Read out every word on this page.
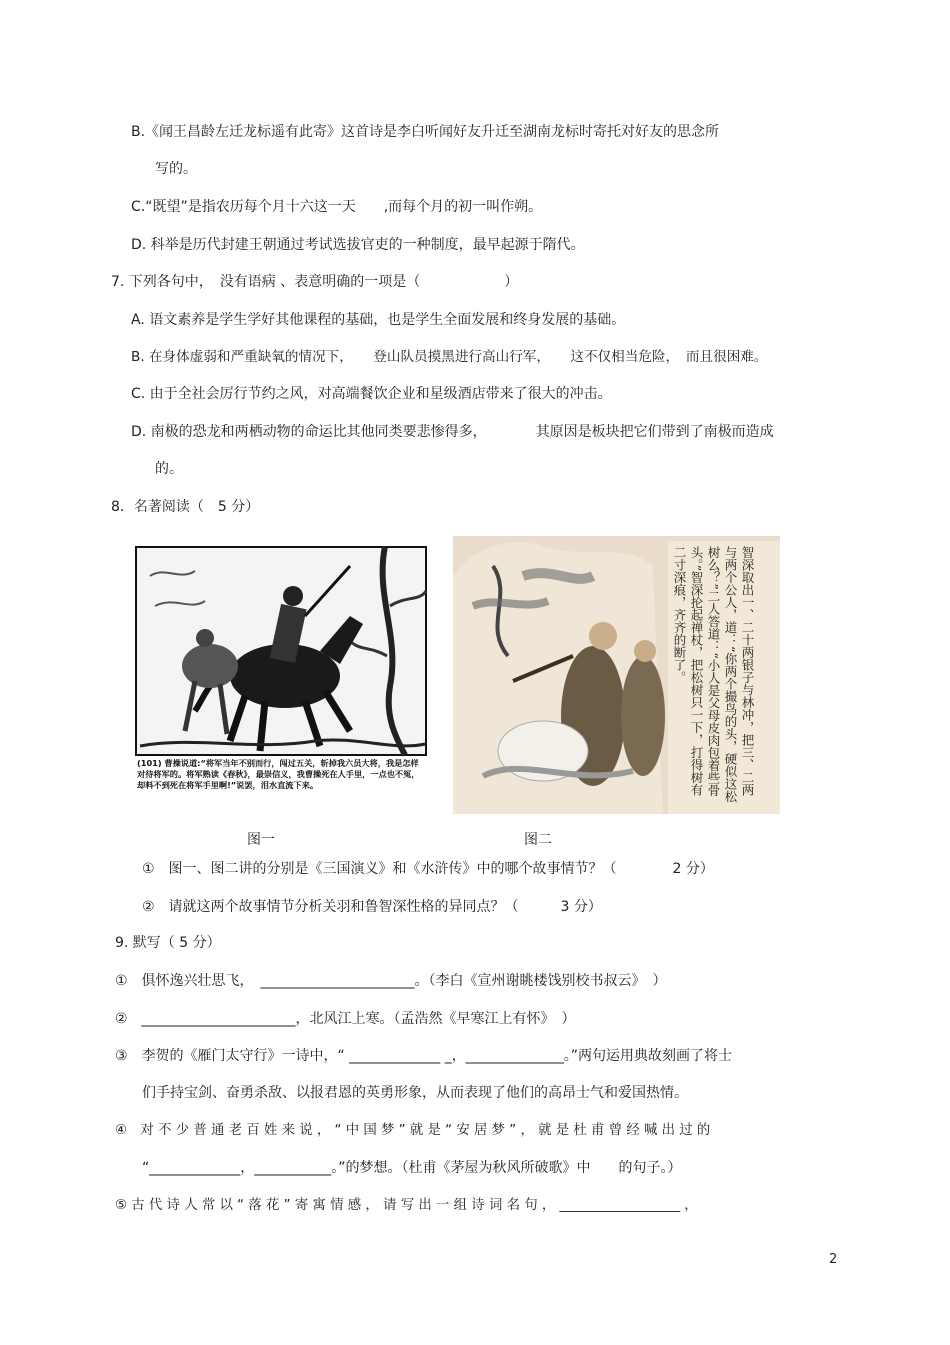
B.《闻王昌龄左迁龙标遥有此寄》这首诗是李白听闻好友升迁至湖南龙标时寄托对好友的思念所
写的。
C.“既望”是指农历每个月十六这一天　　,而每个月的初一叫作朔。
D. 科举是历代封建王朝通过考试选拔官吏的一种制度，最早起源于隋代。
7. 下列各句中，　没有语病 、表意明确的一项是（　　　　　　）
A. 语文素养是学生学好其他课程的基础，也是学生全面发展和终身发展的基础。
B. 在身体虚弱和严重缺氧的情况下，　　登山队员摸黑进行高山行军，　　这不仅相当危险，　而且很困难。
C. 由于全社会厉行节约之风，对高端餐饮企业和星级酒店带来了很大的冲击。
D. 南极的恐龙和两栖动物的命运比其他同类要悲惨得多，　　　　其原因是板块把它们带到了南极而造成
的。
8．名著阅读（　5 分）
(101) 曹操说道:“将军当年不别而行，闯过五关，斩掉我六员大将，我是怎样对待将军的。将军熟读《春秋》，最崇信义，我曹操死在人手里，一点也不冤，却料不到死在将军手里啊!”说罢，泪水直流下来。	智深取出一、二十两银子与林冲，把三、二两与两个公人，道：“你两个撮鸟的头，硬似这松树么？”二人答道：“小人是父母皮肉包着些骨头。”智深抡起禅杖，把松树只一下，打得树有二寸深痕，齐齐的断了。
图一	图二
①　图一、图二讲的分别是《三国演义》和《水浒传》中的哪个故事情节？（　　　　2 分）
②　请就这两个故事情节分析关羽和鲁智深性格的异同点？（　　　3 分）
9. 默写（ 5 分）
①　俱怀逸兴壮思飞，　______________________。（李白《宣州谢眺楼饯别校书叔云》　）
②　______________________，北风江上寒。（孟浩然《早寒江上有怀》　）
③　李贺的《雁门太守行》一诗中，“ _____________ _，______________。”两句运用典故刻画了将士
们手持宝剑、奋勇杀敌、以报君恩的英勇形象，从而表现了他们的高昂士气和爱国热情。
④　对 不 少 普 通 老 百 姓 来 说 ， “ 中 国 梦 ” 就 是 “ 安 居 梦 ” ， 就 是 杜 甫 曾 经 喊 出 过 的
“_____________，___________。”的梦想。（杜甫《茅屋为秋风所破歌》中　　的句子。）
⑤ 古 代 诗 人 常 以 “ 落 花 ” 寄 寓 情 感 ， 请 写 出 一 组 诗 词 名 句 ， __________________ ，
2
